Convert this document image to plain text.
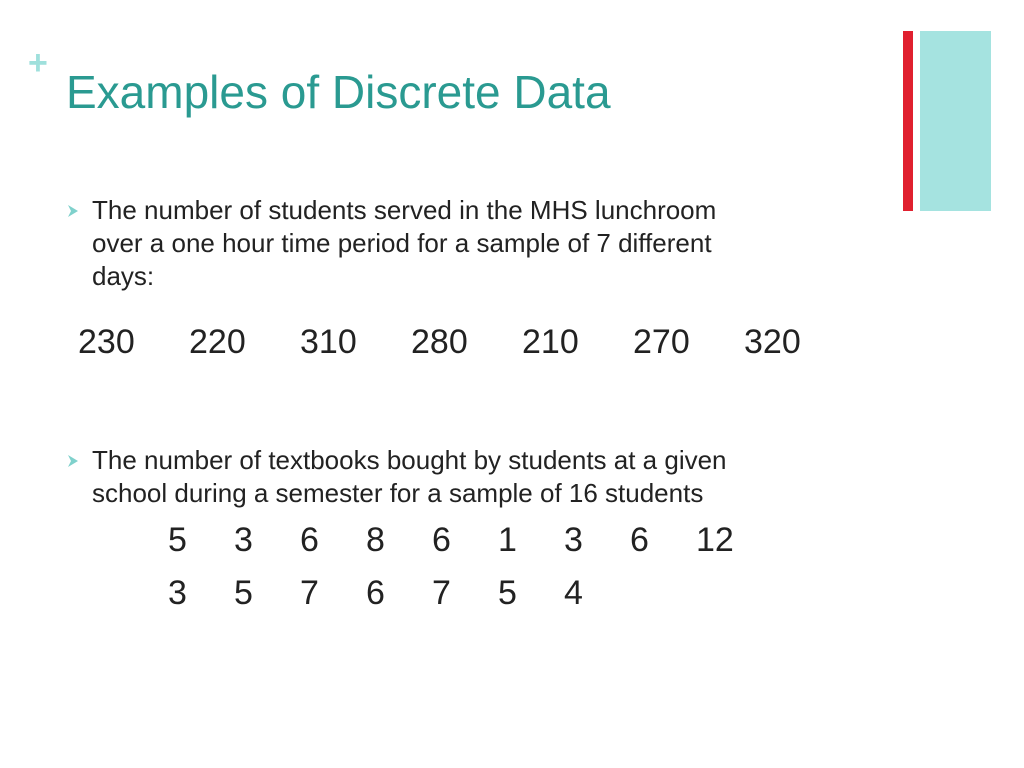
+
Examples of Discrete Data
The number of students served in the MHS lunchroom
over a one hour time period for a sample of 7 different
days:
230	220	310	280	210	270	320
The number of textbooks bought by students at a given
school during a semester for a sample of 16 students
5	3	6	8	6	1	3	6	12
3	5	7	6	7	5	4
